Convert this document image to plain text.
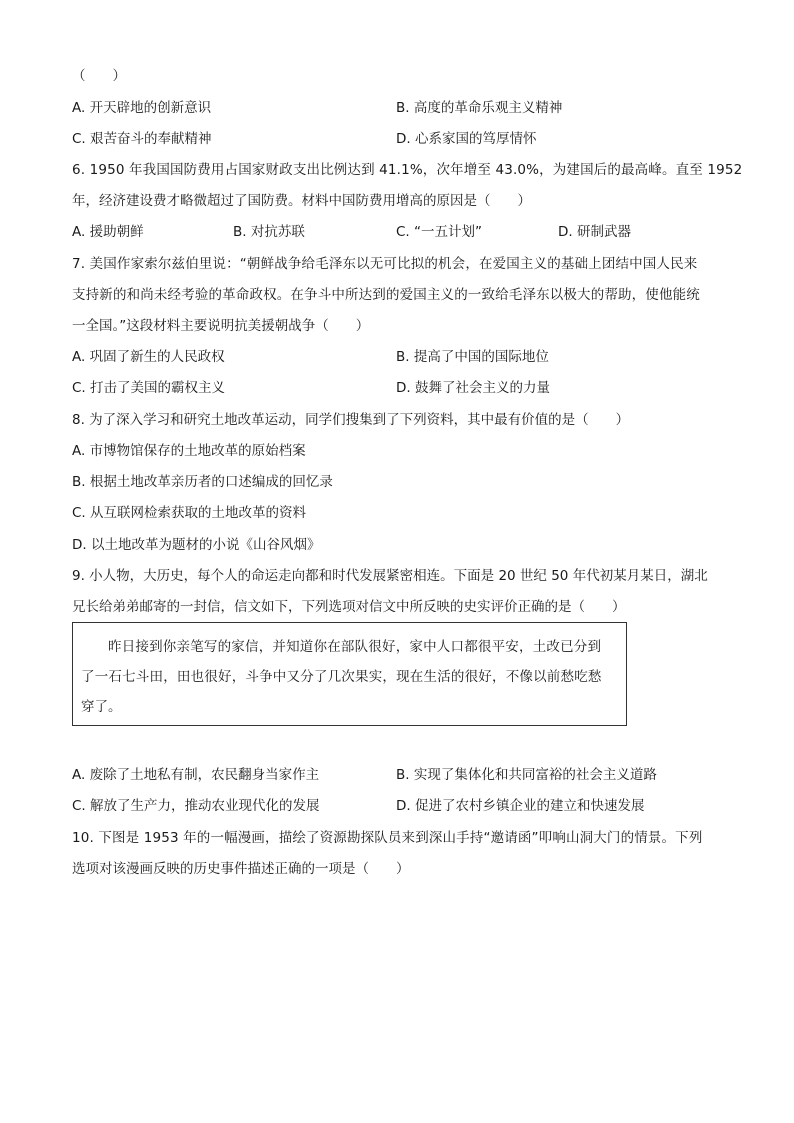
（　　）
A. 开天辟地的创新意识	B. 高度的革命乐观主义精神
C. 艰苦奋斗的奉献精神	D. 心系家国的笃厚情怀
6. 1950 年我国国防费用占国家财政支出比例达到 41.1%，次年增至 43.0%，为建国后的最高峰。直至 1952
年，经济建设费才略微超过了国防费。材料中国防费用增高的原因是（　　）
A. 援助朝鲜	B. 对抗苏联	C. “一五计划”	D. 研制武器
7. 美国作家索尔兹伯里说：“朝鲜战争给毛泽东以无可比拟的机会，在爱国主义的基础上团结中国人民来
支持新的和尚未经考验的革命政权。在争斗中所达到的爱国主义的一致给毛泽东以极大的帮助，使他能统
一全国。”这段材料主要说明抗美援朝战争（　　）
A. 巩固了新生的人民政权	B. 提高了中国的国际地位
C. 打击了美国的霸权主义	D. 鼓舞了社会主义的力量
8. 为了深入学习和研究土地改革运动，同学们搜集到了下列资料，其中最有价值的是（　　）
A. 市博物馆保存的土地改革的原始档案
B. 根据土地改革亲历者的口述编成的回忆录
C. 从互联网检索获取的土地改革的资料
D. 以土地改革为题材的小说《山谷风烟》
9. 小人物，大历史，每个人的命运走向都和时代发展紧密相连。下面是 20 世纪 50 年代初某月某日，湖北
兄长给弟弟邮寄的一封信，信文如下，下列选项对信文中所反映的史实评价正确的是（　　）
昨日接到你亲笔写的家信，并知道你在部队很好，家中人口都很平安，土改已分到
了一石七斗田，田也很好，斗争中又分了几次果实，现在生活的很好，不像以前愁吃愁
穿了。
A. 废除了土地私有制，农民翻身当家作主	B. 实现了集体化和共同富裕的社会主义道路
C. 解放了生产力，推动农业现代化的发展	D. 促进了农村乡镇企业的建立和快速发展
10. 下图是 1953 年的一幅漫画，描绘了资源勘探队员来到深山手持“邀请函”叩响山洞大门的情景。下列
选项对该漫画反映的历史事件描述正确的一项是（　　）
